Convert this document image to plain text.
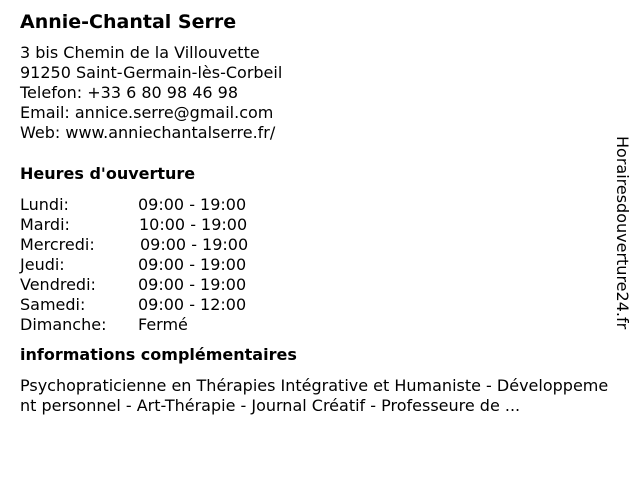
Annie-Chantal Serre
3 bis Chemin de la Villouvette
91250 Saint-Germain-lès-Corbeil
Telefon: +33 6 80 98 46 98
Email: annice.serre@gmail.com
Web: www.anniechantalserre.fr/
Heures d'ouverture
Lundi:	09:00 - 19:00
Mardi:	10:00 - 19:00
Mercredi:	09:00 - 19:00
Jeudi:	09:00 - 19:00
Vendredi:	09:00 - 19:00
Samedi:	09:00 - 12:00
Dimanche: Fermé
informations complémentaires
Psychopraticienne en Thérapies Intégrative et Humaniste - Développement personnel - Art-Thérapie - Journal Créatif - Professeure de ...
Horairesdouverture24.fr
